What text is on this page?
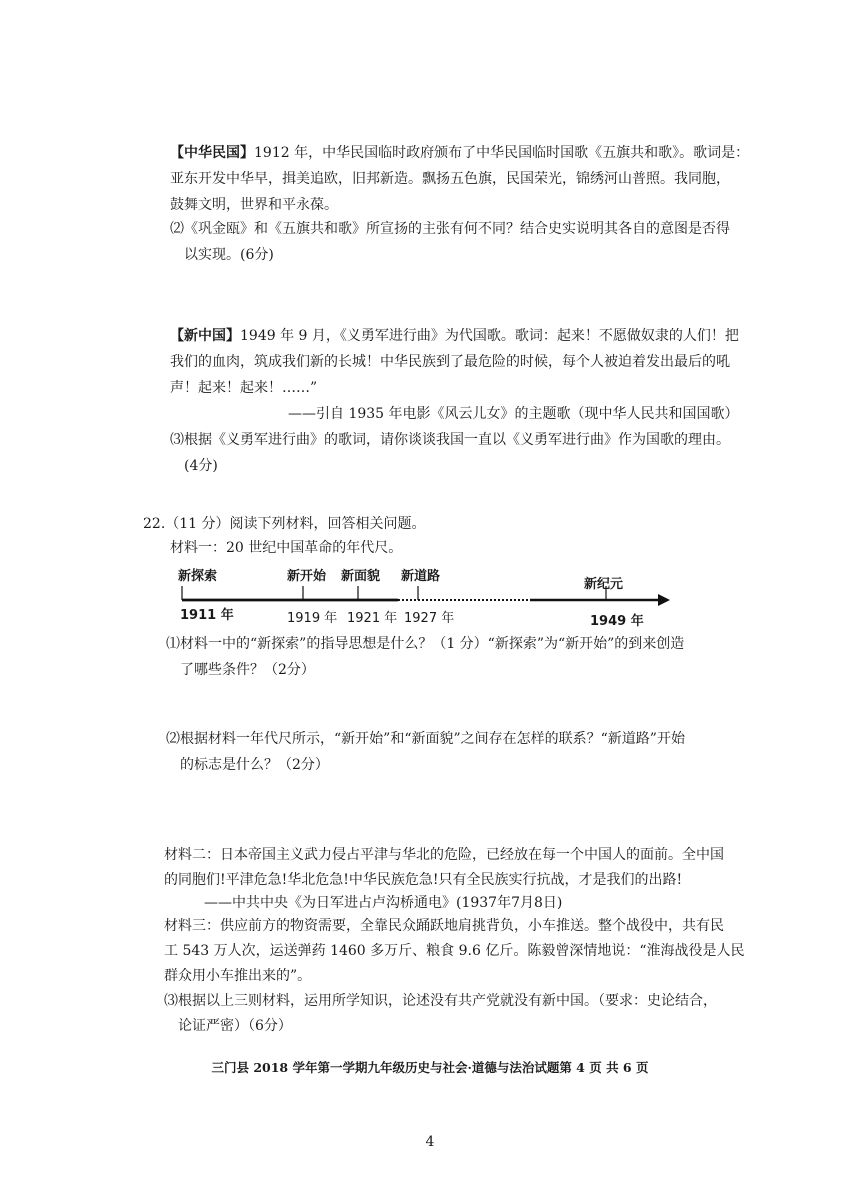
【中华民国】1912 年，中华民国临时政府颁布了中华民国临时国歌《五旗共和歌》。歌词是：
亚东开发中华早，揖美追欧，旧邦新造。飘扬五色旗，民国荣光，锦绣河山普照。我同胞，
鼓舞文明，世界和平永葆。
⑵《巩金瓯》和《五旗共和歌》所宣扬的主张有何不同？结合史实说明其各自的意图是否得
以实现。(6分)
【新中国】1949 年 9 月，《义勇军进行曲》为代国歌。歌词：起来！不愿做奴隶的人们！把
我们的血肉，筑成我们新的长城！中华民族到了最危险的时候，每个人被迫着发出最后的吼
声！起来！起来！……”
——引自 1935 年电影《风云儿女》的主题歌（现中华人民共和国国歌）
⑶根据《义勇军进行曲》的歌词，请你谈谈我国一直以《义勇军进行曲》作为国歌的理由。
(4分)
22.（11 分）阅读下列材料，回答相关问题。
材料一：20 世纪中国革命的年代尺。
新探索	新开始 新面貌 新道路
新纪元
1911 年	1919 年 1921 年 1927 年	1949 年
⑴材料一中的“新探索”的指导思想是什么？（1 分）“新探索”为“新开始”的到来创造
了哪些条件？（2分）
⑵根据材料一年代尺所示，“新开始”和“新面貌”之间存在怎样的联系？“新道路”开始
的标志是什么？（2分）
材料二：日本帝国主义武力侵占平津与华北的危险，已经放在每一个中国人的面前。全中国
的同胞们!平津危急!华北危急!中华民族危急!只有全民族实行抗战，才是我们的出路!
——中共中央《为日军进占卢沟桥通电》(1937年7月8日)
材料三：供应前方的物资需要，全靠民众踊跃地肩挑背负，小车推送。整个战役中，共有民
工 543 万人次，运送弹药 1460 多万斤、粮食 9.6 亿斤。陈毅曾深情地说：“淮海战役是人民
群众用小车推出来的”。
⑶根据以上三则材料，运用所学知识，论述没有共产党就没有新中国。（要求：史论结合，
论证严密）（6分）
三门县 2018 学年第一学期九年级历史与社会·道德与法治试题第 4 页 共 6 页
4
